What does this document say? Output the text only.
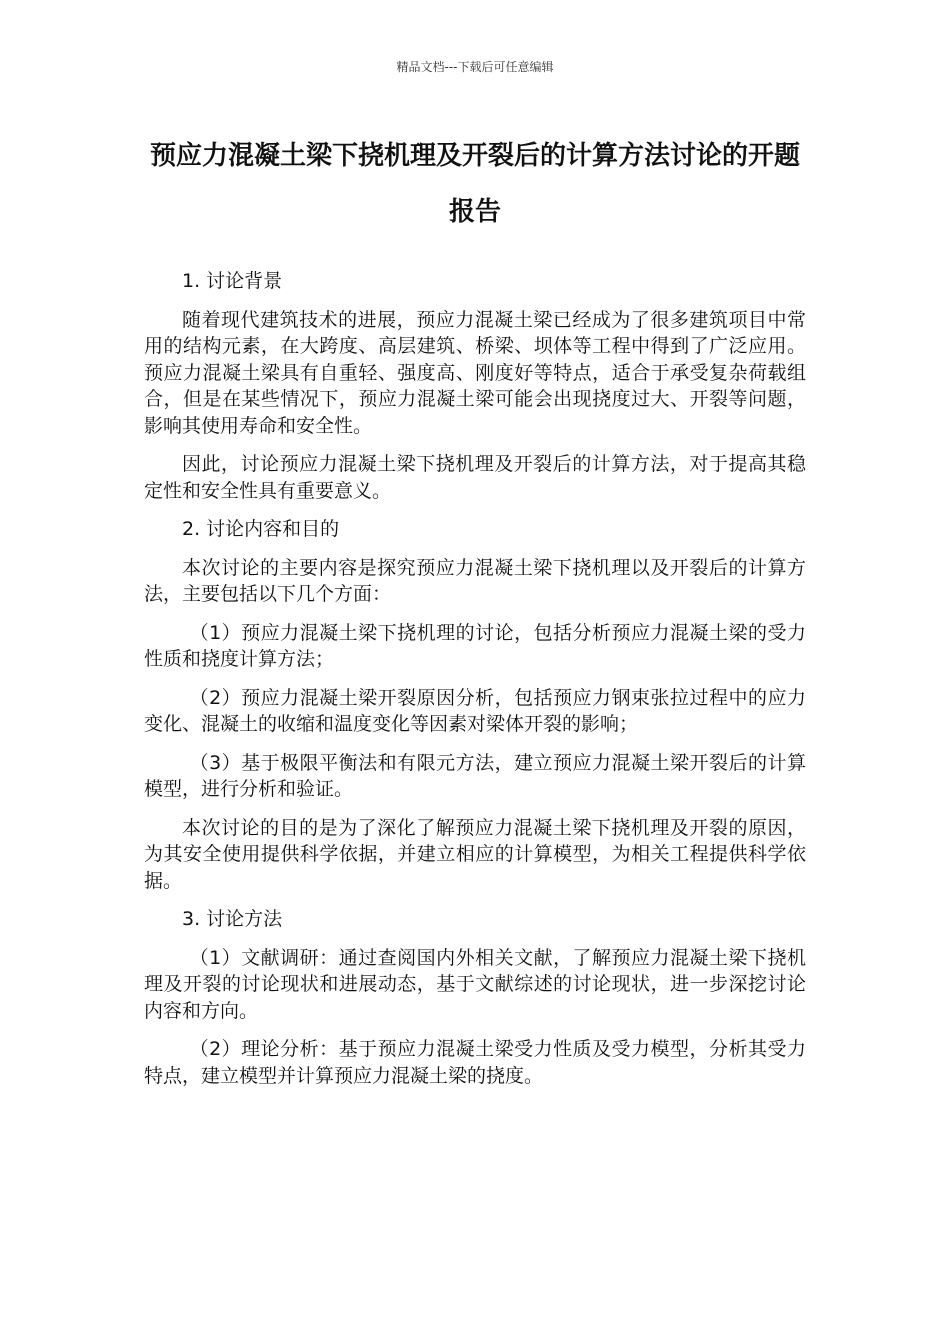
精品文档---下载后可任意编辑
预应力混凝土梁下挠机理及开裂后的计算方法讨论的开题报告
1. 讨论背景

随着现代建筑技术的进展，预应力混凝土梁已经成为了很多建筑项目中常用的结构元素，在大跨度、高层建筑、桥梁、坝体等工程中得到了广泛应用。预应力混凝土梁具有自重轻、强度高、刚度好等特点，适合于承受复杂荷载组合，但是在某些情况下，预应力混凝土梁可能会出现挠度过大、开裂等问题，影响其使用寿命和安全性。

因此，讨论预应力混凝土梁下挠机理及开裂后的计算方法，对于提高其稳定性和安全性具有重要意义。

2. 讨论内容和目的

本次讨论的主要内容是探究预应力混凝土梁下挠机理以及开裂后的计算方法，主要包括以下几个方面：

（1）预应力混凝土梁下挠机理的讨论，包括分析预应力混凝土梁的受力性质和挠度计算方法；

（2）预应力混凝土梁开裂原因分析，包括预应力钢束张拉过程中的应力变化、混凝土的收缩和温度变化等因素对梁体开裂的影响；

（3）基于极限平衡法和有限元方法，建立预应力混凝土梁开裂后的计算模型，进行分析和验证。

本次讨论的目的是为了深化了解预应力混凝土梁下挠机理及开裂的原因，为其安全使用提供科学依据，并建立相应的计算模型，为相关工程提供科学依据。

3. 讨论方法

（1）文献调研：通过查阅国内外相关文献，了解预应力混凝土梁下挠机理及开裂的讨论现状和进展动态，基于文献综述的讨论现状，进一步深挖讨论内容和方向。

（2）理论分析：基于预应力混凝土梁受力性质及受力模型，分析其受力特点，建立模型并计算预应力混凝土梁的挠度。
